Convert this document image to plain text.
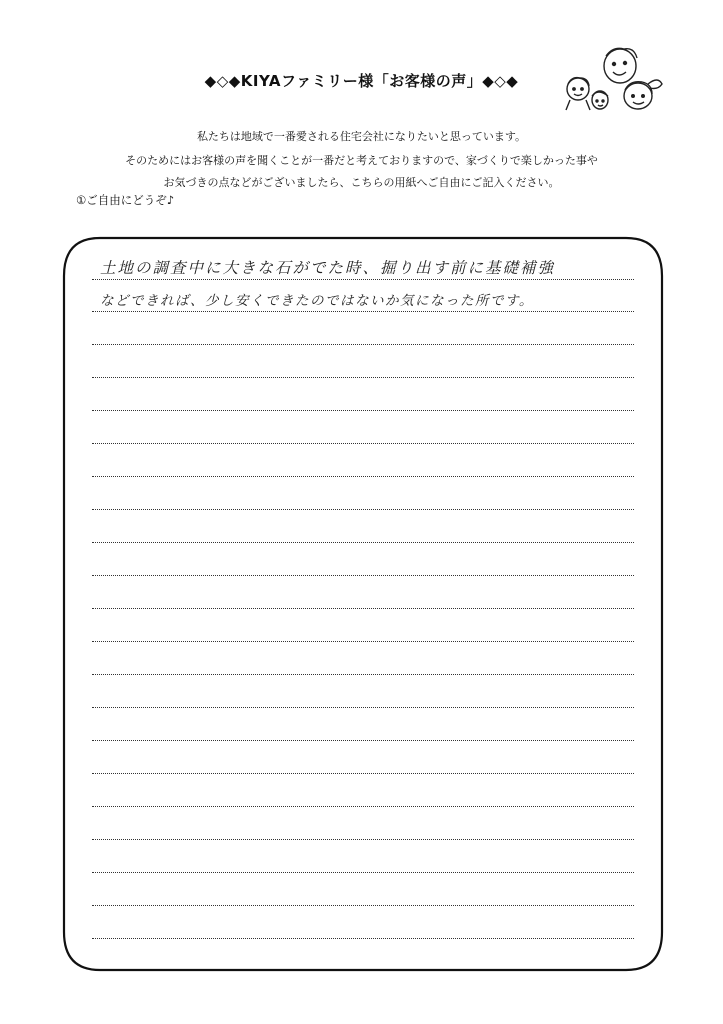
◆◇◆KIYAファミリー様「お客様の声」◆◇◆
私たちは地域で一番愛される住宅会社になりたいと思っています。
そのためにはお客様の声を聞くことが一番だと考えておりますので、家づくりで楽しかった事や
お気づきの点などがございましたら、こちらの用紙へご自由にご記入ください。
①ご自由にどうぞ♪
土地の調査中に大きな石がでた時、掘り出す前に基礎補強
などできれば、少し安くできたのではないか気になった所です。
